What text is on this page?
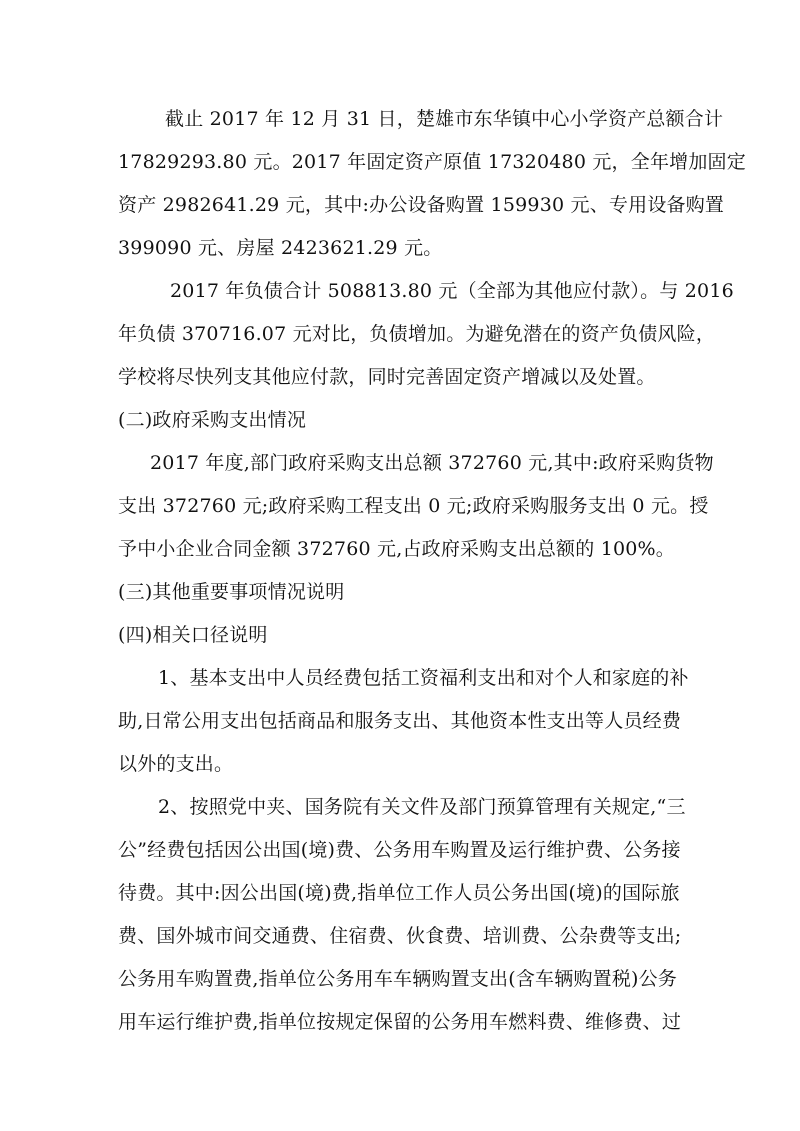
截止 2017 年 12 月 31 日，楚雄市东华镇中心小学资产总额合计
17829293.80 元。2017 年固定资产原值 17320480 元，全年增加固定
资产 2982641.29 元，其中:办公设备购置 159930 元、专用设备购置
399090 元、房屋 2423621.29 元。
2017 年负债合计 508813.80 元（全部为其他应付款）。与 2016
年负债 370716.07 元对比，负债增加。为避免潜在的资产负债风险，
学校将尽快列支其他应付款，同时完善固定资产增减以及处置。
(二)政府采购支出情况
2017 年度,部门政府采购支出总额 372760 元,其中:政府采购货物
支出 372760 元;政府采购工程支出 0 元;政府采购服务支出 0 元。授
予中小企业合同金额 372760 元,占政府采购支出总额的 100%。
(三)其他重要事项情况说明
(四)相关口径说明
1、基本支出中人员经费包括工资福利支出和对个人和家庭的补
助,日常公用支出包括商品和服务支出、其他资本性支出等人员经费
以外的支出。
2、按照党中夹、国务院有关文件及部门预算管理有关规定,“三
公”经费包括因公出国(境)费、公务用车购置及运行维护费、公务接
待费。其中:因公出国(境)费,指单位工作人员公务出国(境)的国际旅
费、国外城市间交通费、住宿费、伙食费、培训费、公杂费等支出;
公务用车购置费,指单位公务用车车辆购置支出(含车辆购置税)公务
用车运行维护费,指单位按规定保留的公务用车燃料费、维修费、过
